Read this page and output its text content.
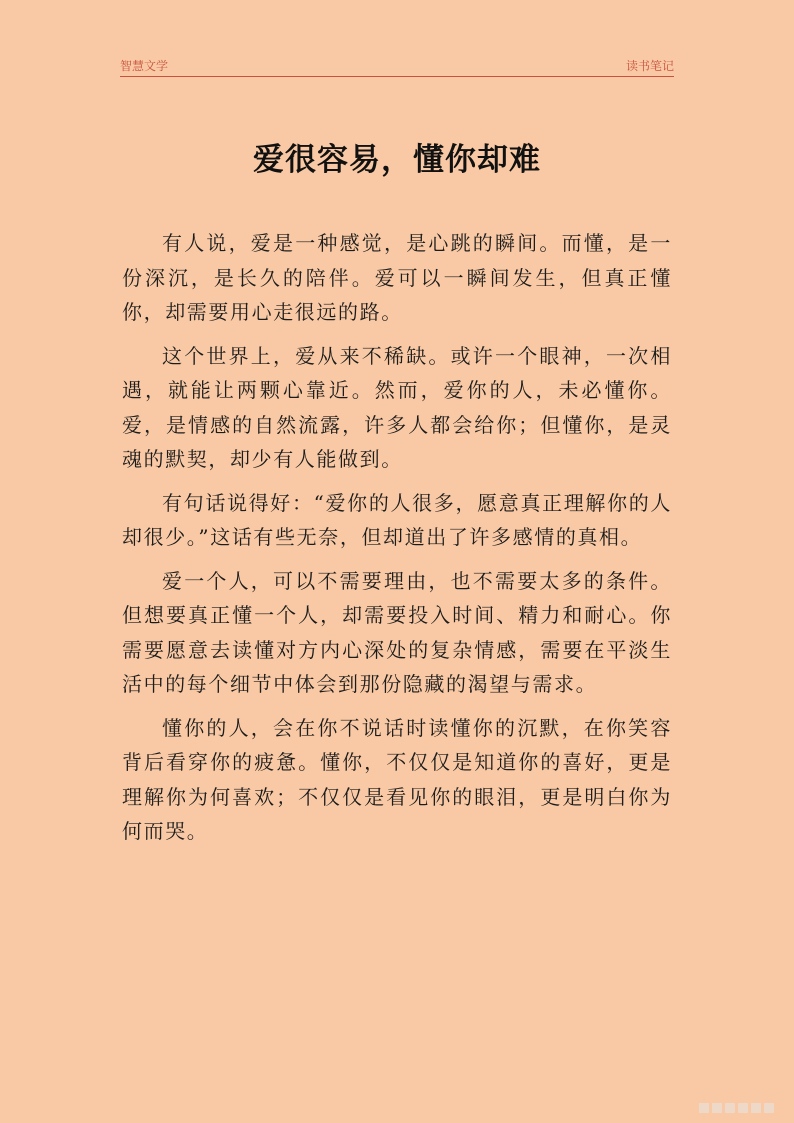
智慧文学	读书笔记
爱很容易，懂你却难

有人说，爱是一种感觉，是心跳的瞬间。而懂，是一份深沉，是长久的陪伴。爱可以一瞬间发生，但真正懂你，却需要用心走很远的路。

这个世界上，爱从来不稀缺。或许一个眼神，一次相遇，就能让两颗心靠近。然而，爱你的人，未必懂你。爱，是情感的自然流露，许多人都会给你；但懂你，是灵魂的默契，却少有人能做到。

有句话说得好：“爱你的人很多，愿意真正理解你的人却很少。”这话有些无奈，但却道出了许多感情的真相。

爱一个人，可以不需要理由，也不需要太多的条件。但想要真正懂一个人，却需要投入时间、精力和耐心。你需要愿意去读懂对方内心深处的复杂情感，需要在平淡生活中的每个细节中体会到那份隐藏的渴望与需求。

懂你的人，会在你不说话时读懂你的沉默，在你笑容背后看穿你的疲惫。懂你，不仅仅是知道你的喜好，更是理解你为何喜欢；不仅仅是看见你的眼泪，更是明白你为何而哭。
